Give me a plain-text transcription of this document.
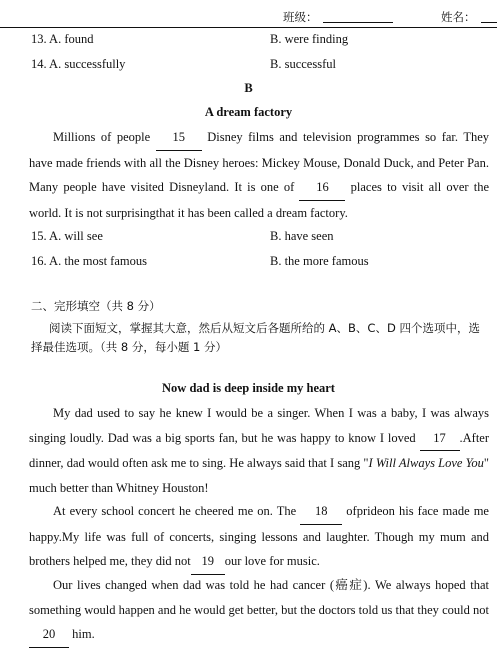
班级：	姓名：
13. A. found	B. were finding
14. A. successfully	B. successful
B
A dream factory
Millions of people 15 Disney films and television programmes so far. They have made friends with all the Disney heroes: Mickey Mouse, Donald Duck, and Peter Pan. Many people have visited Disneyland. It is one of 16 places to visit all over the world. It is not surprisingthat it has been called a dream factory.
15. A. will see	B. have seen
16. A. the most famous	B. the more famous
二、完形填空（共 8 分）
阅读下面短文，掌握其大意，然后从短文后各题所给的 A、B、C、D 四个选项中，选择最佳选项。（共 8 分，每小题 1 分）
Now dad is deep inside my heart
My dad used to say he knew I would be a singer. When I was a baby, I was always singing loudly. Dad was a big sports fan, but he was happy to know I loved 17 .After dinner, dad would often ask me to sing. He always said that I sang "I Will Always Love You" much better than Whitney Houston!
At every school concert he cheered me on. The 18 ofprideon his face made me happy.My life was full of concerts, singing lessons and laughter. Though my mum and brothers helped me, they did not 19 our love for music.
Our lives changed when dad was told he had cancer (癌症). We always hoped that something would happen and he would get better, but the doctors told us that they could not 20 him.
